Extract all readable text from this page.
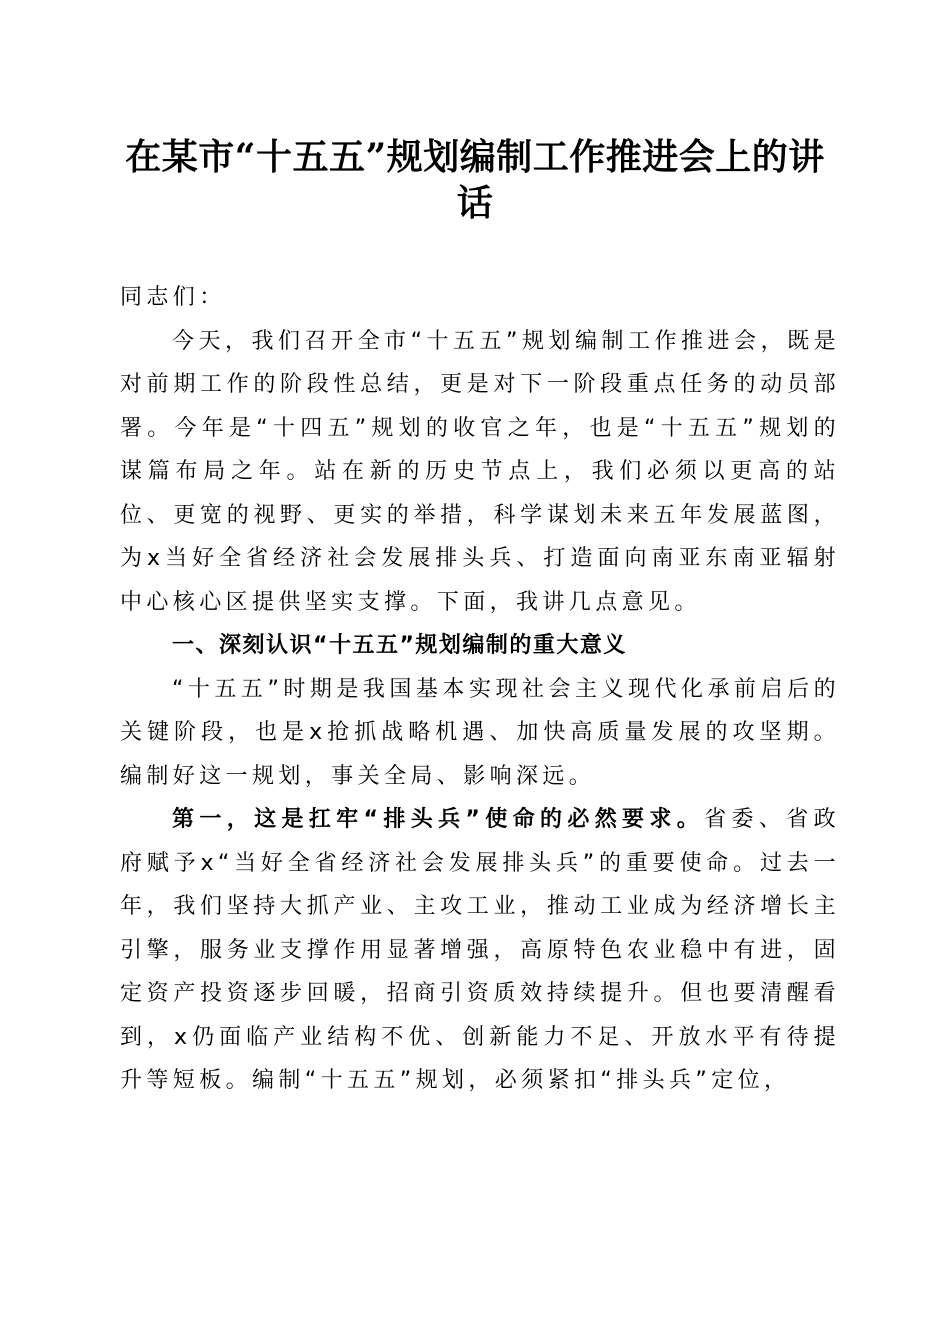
在某市“十五五”规划编制工作推进会上的讲话

同志们：

今天，我们召开全市“十五五”规划编制工作推进会，既是对前期工作的阶段性总结，更是对下一阶段重点任务的动员部署。今年是“十四五”规划的收官之年，也是“十五五”规划的谋篇布局之年。站在新的历史节点上，我们必须以更高的站位、更宽的视野、更实的举措，科学谋划未来五年发展蓝图，为x当好全省经济社会发展排头兵、打造面向南亚东南亚辐射中心核心区提供坚实支撑。下面，我讲几点意见。

一、深刻认识“十五五”规划编制的重大意义

“十五五”时期是我国基本实现社会主义现代化承前启后的关键阶段，也是x抢抓战略机遇、加快高质量发展的攻坚期。编制好这一规划，事关全局、影响深远。

第一，这是扛牢“排头兵”使命的必然要求。省委、省政府赋予x“当好全省经济社会发展排头兵”的重要使命。过去一年，我们坚持大抓产业、主攻工业，推动工业成为经济增长主引擎，服务业支撑作用显著增强，高原特色农业稳中有进，固定资产投资逐步回暖，招商引资质效持续提升。但也要清醒看到，x仍面临产业结构不优、创新能力不足、开放水平有待提升等短板。编制“十五五”规划，必须紧扣“排头兵”定位，
